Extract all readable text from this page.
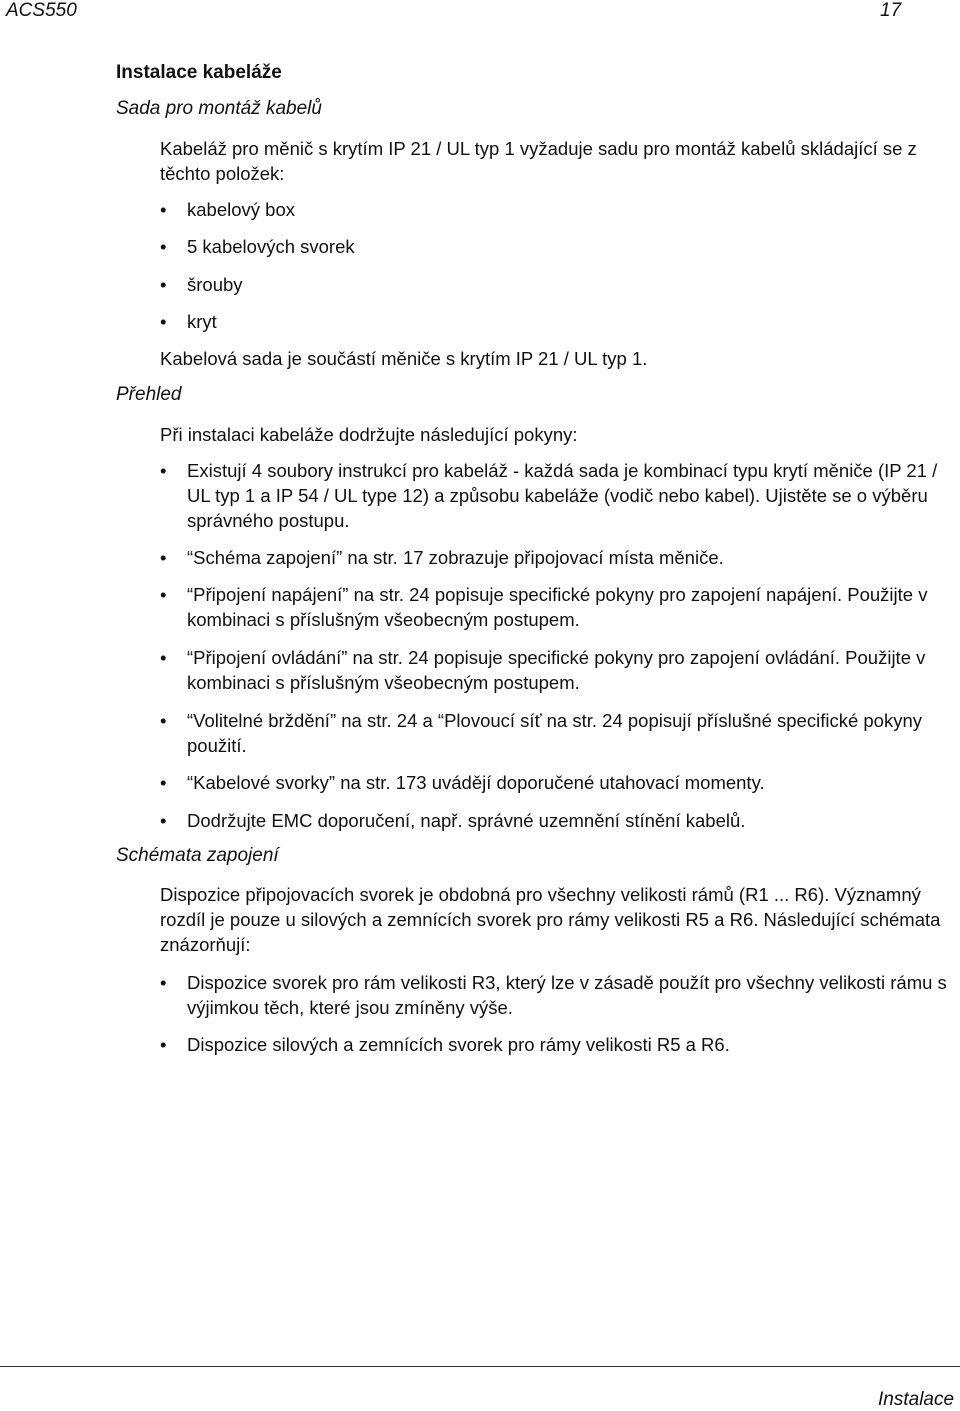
ACS550	17
Instalace kabeláže
Sada pro montáž kabelů
Kabeláž pro měnič s krytím IP 21 / UL typ 1 vyžaduje sadu pro montáž kabelů skládající se z těchto položek:
• kabelový box
• 5 kabelových svorek
• šrouby
• kryt
Kabelová sada je součástí měniče s krytím IP 21 / UL typ 1.
Přehled
Při instalaci kabeláže dodržujte následující pokyny:
• Existují 4 soubory instrukcí pro kabeláž - každá sada je kombinací typu krytí měniče (IP 21 / UL typ 1 a IP 54 / UL type 12) a způsobu kabeláže (vodič nebo kabel). Ujistěte se o výběru správného postupu.
• “Schéma zapojení” na str. 17 zobrazuje připojovací místa měniče.
• “Připojení napájení” na str. 24 popisuje specifické pokyny pro zapojení napájení. Použijte v kombinaci s příslušným všeobecným postupem.
• “Připojení ovládání” na str. 24 popisuje specifické pokyny pro zapojení ovládání. Použijte v kombinaci s příslušným všeobecným postupem.
• “Volitelné brždění” na str. 24 a “Plovoucí síť na str. 24 popisují příslušné specifické pokyny použití.
• “Kabelové svorky” na str. 173 uvádějí doporučené utahovací momenty.
• Dodržujte EMC doporučení, např. správné uzemnění stínění kabelů.
Schémata zapojení
Dispozice připojovacích svorek je obdobná pro všechny velikosti rámů (R1 ... R6). Významný rozdíl je pouze u silových a zemnících svorek pro rámy velikosti R5 a R6. Následující schémata znázorňují:
• Dispozice svorek pro rám velikosti R3, který lze v zásadě použít pro všechny velikosti rámu s výjimkou těch, které jsou zmíněny výše.
• Dispozice silových a zemnících svorek pro rámy velikosti R5 a R6.
Instalace
